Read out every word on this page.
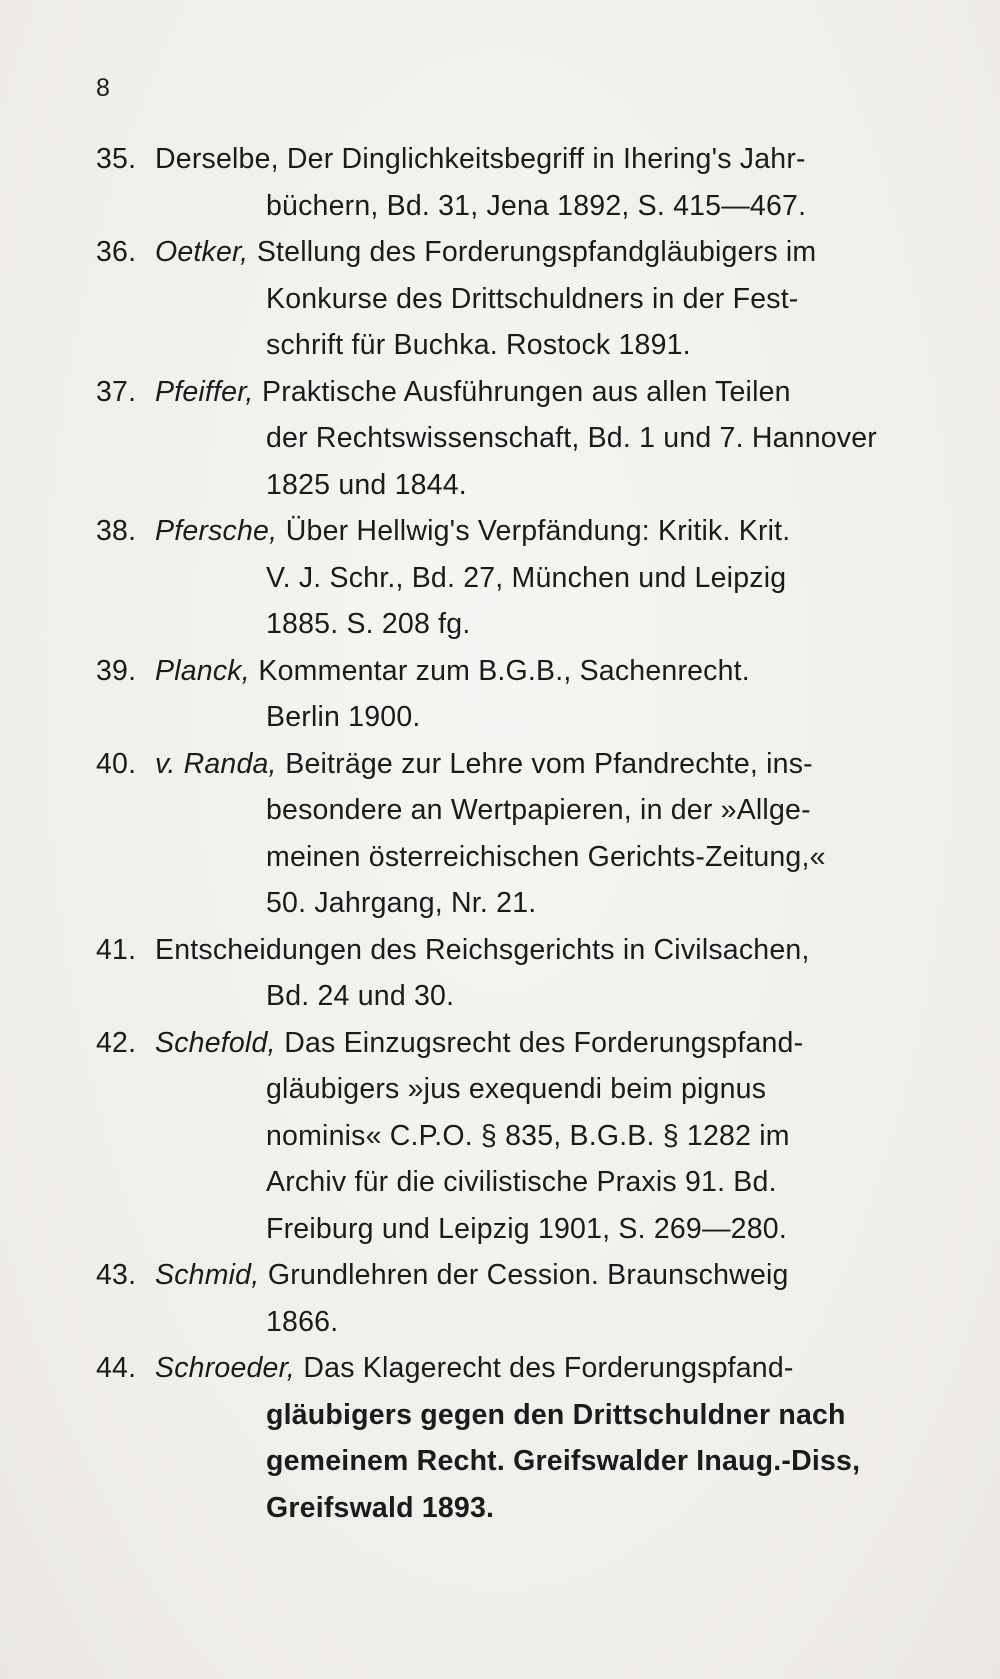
8
35. Derselbe, Der Dinglichkeitsbegriff in Ihering's Jahr-
büchern, Bd. 31, Jena 1892, S. 415—467.
36. Oetker, Stellung des Forderungspfandgläubigers im
Konkurse des Drittschuldners in der Fest-
schrift für Buchka. Rostock 1891.
37. Pfeiffer, Praktische Ausführungen aus allen Teilen
der Rechtswissenschaft, Bd. 1 und 7. Hannover
1825 und 1844.
38. Pfersche, Über Hellwig's Verpfändung: Kritik. Krit.
V. J. Schr., Bd. 27, München und Leipzig
1885. S. 208 fg.
39. Planck, Kommentar zum B.G.B., Sachenrecht.
Berlin 1900.
40. v. Randa, Beiträge zur Lehre vom Pfandrechte, ins-
besondere an Wertpapieren, in der »Allge-
meinen österreichischen Gerichts-Zeitung,«
50. Jahrgang, Nr. 21.
41. Entscheidungen des Reichsgerichts in Civilsachen,
Bd. 24 und 30.
42. Schefold, Das Einzugsrecht des Forderungspfand-
gläubigers »jus exequendi beim pignus
nominis« C.P.O. § 835, B.G.B. § 1282 im
Archiv für die civilistische Praxis 91. Bd.
Freiburg und Leipzig 1901, S. 269—280.
43. Schmid, Grundlehren der Cession. Braunschweig
1866.
44. Schroeder, Das Klagerecht des Forderungspfand-
gläubigers gegen den Drittschuldner nach
gemeinem Recht. Greifswalder Inaug.-Diss,
Greifswald 1893.
